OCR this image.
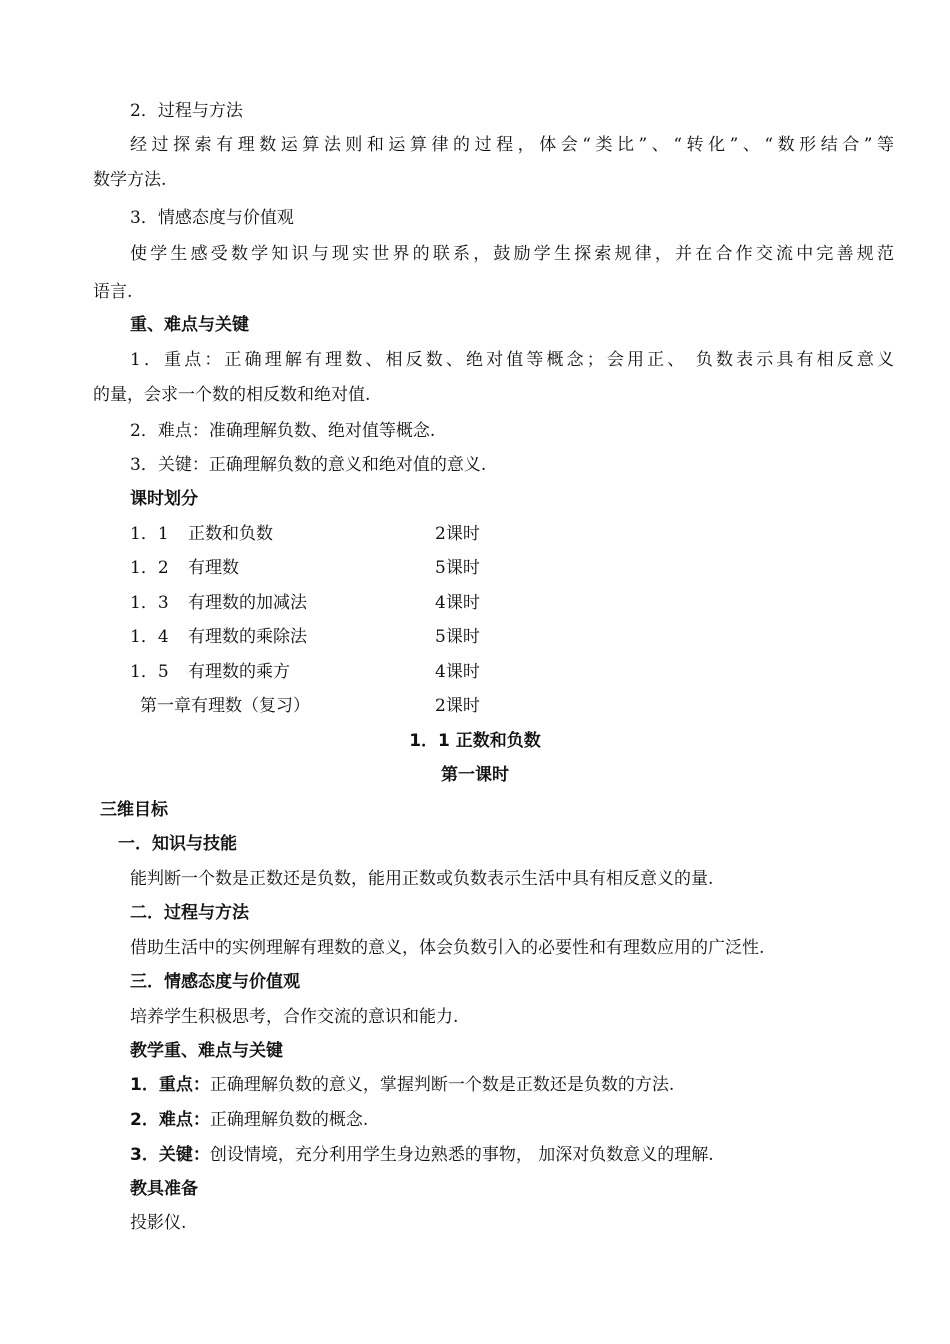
2．过程与方法
经过探索有理数运算法则和运算律的过程，体会“类比”、“转化”、“数形结合”等
数学方法.
3．情感态度与价值观
使学生感受数学知识与现实世界的联系，鼓励学生探索规律，并在合作交流中完善规范
语言.
重、难点与关键
1．重点：正确理解有理数、相反数、绝对值等概念；会用正、 负数表示具有相反意义
的量，会求一个数的相反数和绝对值.
2．难点：准确理解负数、绝对值等概念.
3．关键：正确理解负数的意义和绝对值的意义.
课时划分
1．1 正数和负数	2课时
1．2 有理数	5课时
1．3 有理数的加减法	4课时
1．4 有理数的乘除法	5课时
1．5 有理数的乘方	4课时
第一章有理数（复习）	2课时
1．1 正数和负数
第一课时
三维目标
一．知识与技能
能判断一个数是正数还是负数，能用正数或负数表示生活中具有相反意义的量.
二．过程与方法
借助生活中的实例理解有理数的意义，体会负数引入的必要性和有理数应用的广泛性.
三．情感态度与价值观
培养学生积极思考，合作交流的意识和能力.
教学重、难点与关键
1．重点：正确理解负数的意义，掌握判断一个数是正数还是负数的方法.
2．难点：正确理解负数的概念.
3．关键：创设情境，充分利用学生身边熟悉的事物， 加深对负数意义的理解.
教具准备
投影仪.
